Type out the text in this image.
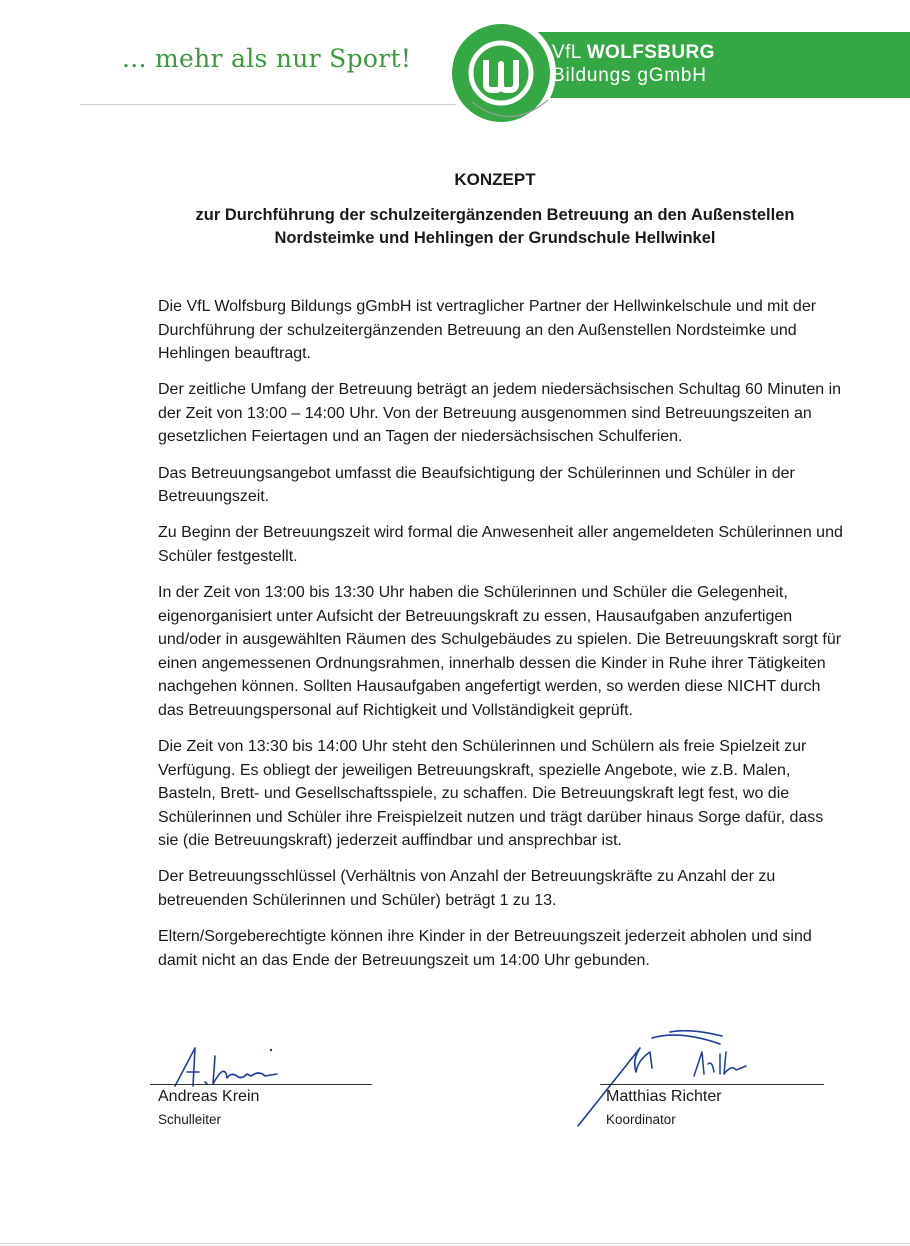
... mehr als nur Sport!	VfL WOLFSBURG
Bildungs gGmbH
KONZEPT
zur Durchführung der schulzeitergänzenden Betreuung an den Außenstellen
Nordsteimke und Hehlingen der Grundschule Hellwinkel

Die VfL Wolfsburg Bildungs gGmbH ist vertraglicher Partner der Hellwinkelschule und mit der Durchführung der schulzeitergänzenden Betreuung an den Außenstellen Nordsteimke und Hehlingen beauftragt.

Der zeitliche Umfang der Betreuung beträgt an jedem niedersächsischen Schultag 60 Minuten in der Zeit von 13:00 – 14:00 Uhr. Von der Betreuung ausgenommen sind Betreuungszeiten an gesetzlichen Feiertagen und an Tagen der niedersächsischen Schulferien.

Das Betreuungsangebot umfasst die Beaufsichtigung der Schülerinnen und Schüler in der Betreuungszeit.

Zu Beginn der Betreuungszeit wird formal die Anwesenheit aller angemeldeten Schülerinnen und Schüler festgestellt.

In der Zeit von 13:00 bis 13:30 Uhr haben die Schülerinnen und Schüler die Gelegenheit, eigenorganisiert unter Aufsicht der Betreuungskraft zu essen, Hausaufgaben anzufertigen und/oder in ausgewählten Räumen des Schulgebäudes zu spielen. Die Betreuungskraft sorgt für einen angemessenen Ordnungsrahmen, innerhalb dessen die Kinder in Ruhe ihrer Tätigkeiten nachgehen können. Sollten Hausaufgaben angefertigt werden, so werden diese NICHT durch das Betreuungspersonal auf Richtigkeit und Vollständigkeit geprüft.

Die Zeit von 13:30 bis 14:00 Uhr steht den Schülerinnen und Schülern als freie Spielzeit zur Verfügung. Es obliegt der jeweiligen Betreuungskraft, spezielle Angebote, wie z.B. Malen, Basteln, Brett- und Gesellschaftsspiele, zu schaffen. Die Betreuungskraft legt fest, wo die Schülerinnen und Schüler ihre Freispielzeit nutzen und trägt darüber hinaus Sorge dafür, dass sie (die Betreuungskraft) jederzeit auffindbar und ansprechbar ist.

Der Betreuungsschlüssel (Verhältnis von Anzahl der Betreuungskräfte zu Anzahl der zu betreuenden Schülerinnen und Schüler) beträgt 1 zu 13.

Eltern/Sorgeberechtigte können ihre Kinder in der Betreuungszeit jederzeit abholen und sind damit nicht an das Ende der Betreuungszeit um 14:00 Uhr gebunden.

Andreas Krein
Schulleiter
Matthias Richter
Koordinator
